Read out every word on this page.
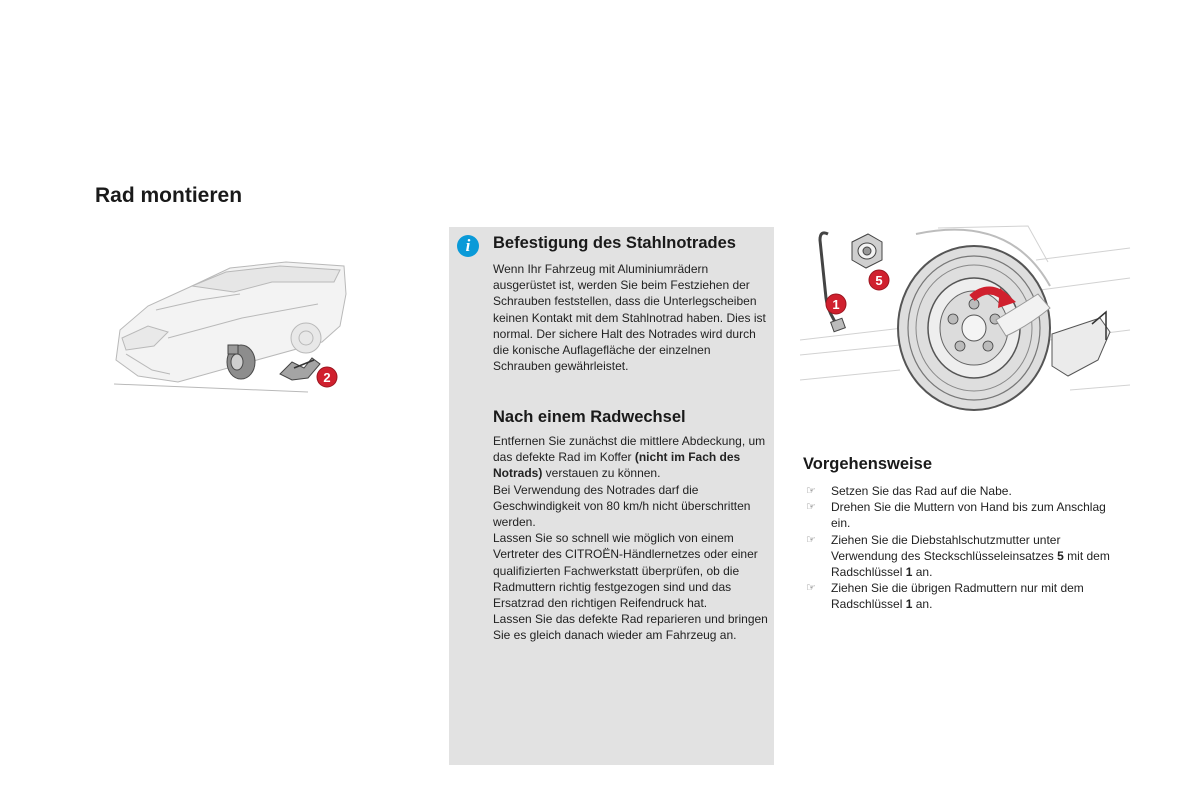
Rad montieren
2
i	Befestigung des Stahlnotrades

Wenn Ihr Fahrzeug mit Aluminiumrädern ausgerüstet ist, werden Sie beim Festziehen der Schrauben feststellen, dass die Unterlegscheiben keinen Kontakt mit dem Stahlnotrad haben. Dies ist normal. Der sichere Halt des Notrades wird durch die konische Auflagefläche der einzelnen Schrauben gewährleistet.

Nach einem Radwechsel

Entfernen Sie zunächst die mittlere Abdeckung, um das defekte Rad im Koffer (nicht im Fach des Notrads) verstauen zu können.

Bei Verwendung des Notrades darf die Geschwindigkeit von 80 km/h nicht überschritten werden.

Lassen Sie so schnell wie möglich von einem Vertreter des CITROËN-Händlernetzes oder einer qualifizierten Fachwerkstatt überprüfen, ob die Radmuttern richtig festgezogen sind und das Ersatzrad den richtigen Reifendruck hat.

Lassen Sie das defekte Rad reparieren und bringen Sie es gleich danach wieder am Fahrzeug an.

1
5
Vorgehensweise
☞ Setzen Sie das Rad auf die Nabe.
☞ Drehen Sie die Muttern von Hand bis zum Anschlag ein.
☞ Ziehen Sie die Diebstahlschutzmutter unter Verwendung des Steckschlüsseleinsatzes 5 mit dem Radschlüssel 1 an.
☞ Ziehen Sie die übrigen Radmuttern nur mit dem Radschlüssel 1 an.
